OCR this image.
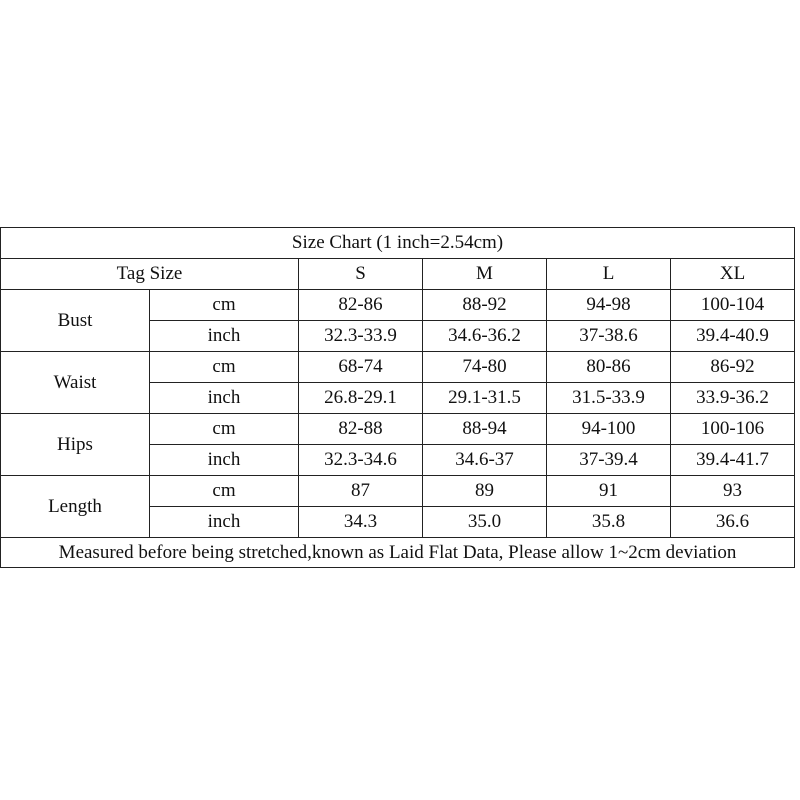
Size Chart (1 inch=2.54cm)					
Tag Size		S	M	L	XL
Bust	cm	82-86	88-92	94-98	100-104
	inch	32.3-33.9	34.6-36.2	37-38.6	39.4-40.9
Waist	cm	68-74	74-80	80-86	86-92
	inch	26.8-29.1	29.1-31.5	31.5-33.9	33.9-36.2
Hips	cm	82-88	88-94	94-100	100-106
	inch	32.3-34.6	34.6-37	37-39.4	39.4-41.7
Length	cm	87	89	91	93
	inch	34.3	35.0	35.8	36.6
Measured before being stretched,known as Laid Flat Data, Please allow 1~2cm deviation					
